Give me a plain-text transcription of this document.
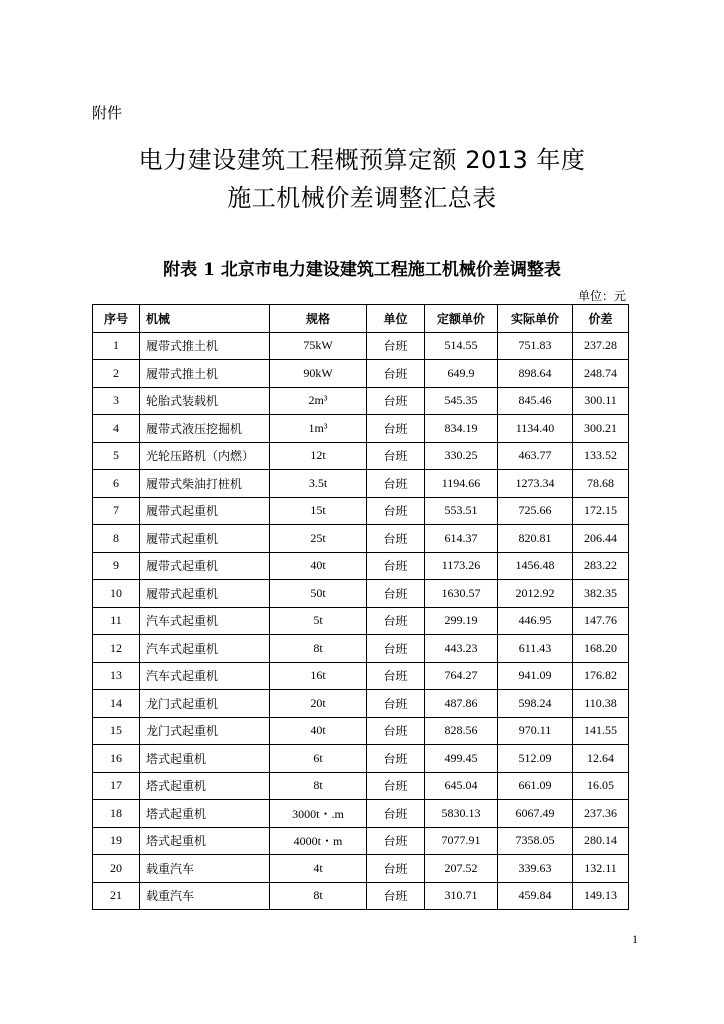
附件
电力建设建筑工程概预算定额 2013 年度
施工机械价差调整汇总表
附表 1 北京市电力建设建筑工程施工机械价差调整表
单位：元
序号	机械	规格	单位	定额单价	实际单价	价差
1	履带式推土机	75kW	台班	514.55	751.83	237.28
2	履带式推土机	90kW	台班	649.9	898.64	248.74
3	轮胎式装载机	2m³	台班	545.35	845.46	300.11
4	履带式液压挖掘机	1m³	台班	834.19	1134.40	300.21
5	光轮压路机（内燃）	12t	台班	330.25	463.77	133.52
6	履带式柴油打桩机	3.5t	台班	1194.66	1273.34	78.68
7	履带式起重机	15t	台班	553.51	725.66	172.15
8	履带式起重机	25t	台班	614.37	820.81	206.44
9	履带式起重机	40t	台班	1173.26	1456.48	283.22
10	履带式起重机	50t	台班	1630.57	2012.92	382.35
11	汽车式起重机	5t	台班	299.19	446.95	147.76
12	汽车式起重机	8t	台班	443.23	611.43	168.20
13	汽车式起重机	16t	台班	764.27	941.09	176.82
14	龙门式起重机	20t	台班	487.86	598.24	110.38
15	龙门式起重机	40t	台班	828.56	970.11	141.55
16	塔式起重机	6t	台班	499.45	512.09	12.64
17	塔式起重机	8t	台班	645.04	661.09	16.05
18	塔式起重机	3000t・.m	台班	5830.13	6067.49	237.36
19	塔式起重机	4000t・m	台班	7077.91	7358.05	280.14
20	载重汽车	4t	台班	207.52	339.63	132.11
21	载重汽车	8t	台班	310.71	459.84	149.13
1
